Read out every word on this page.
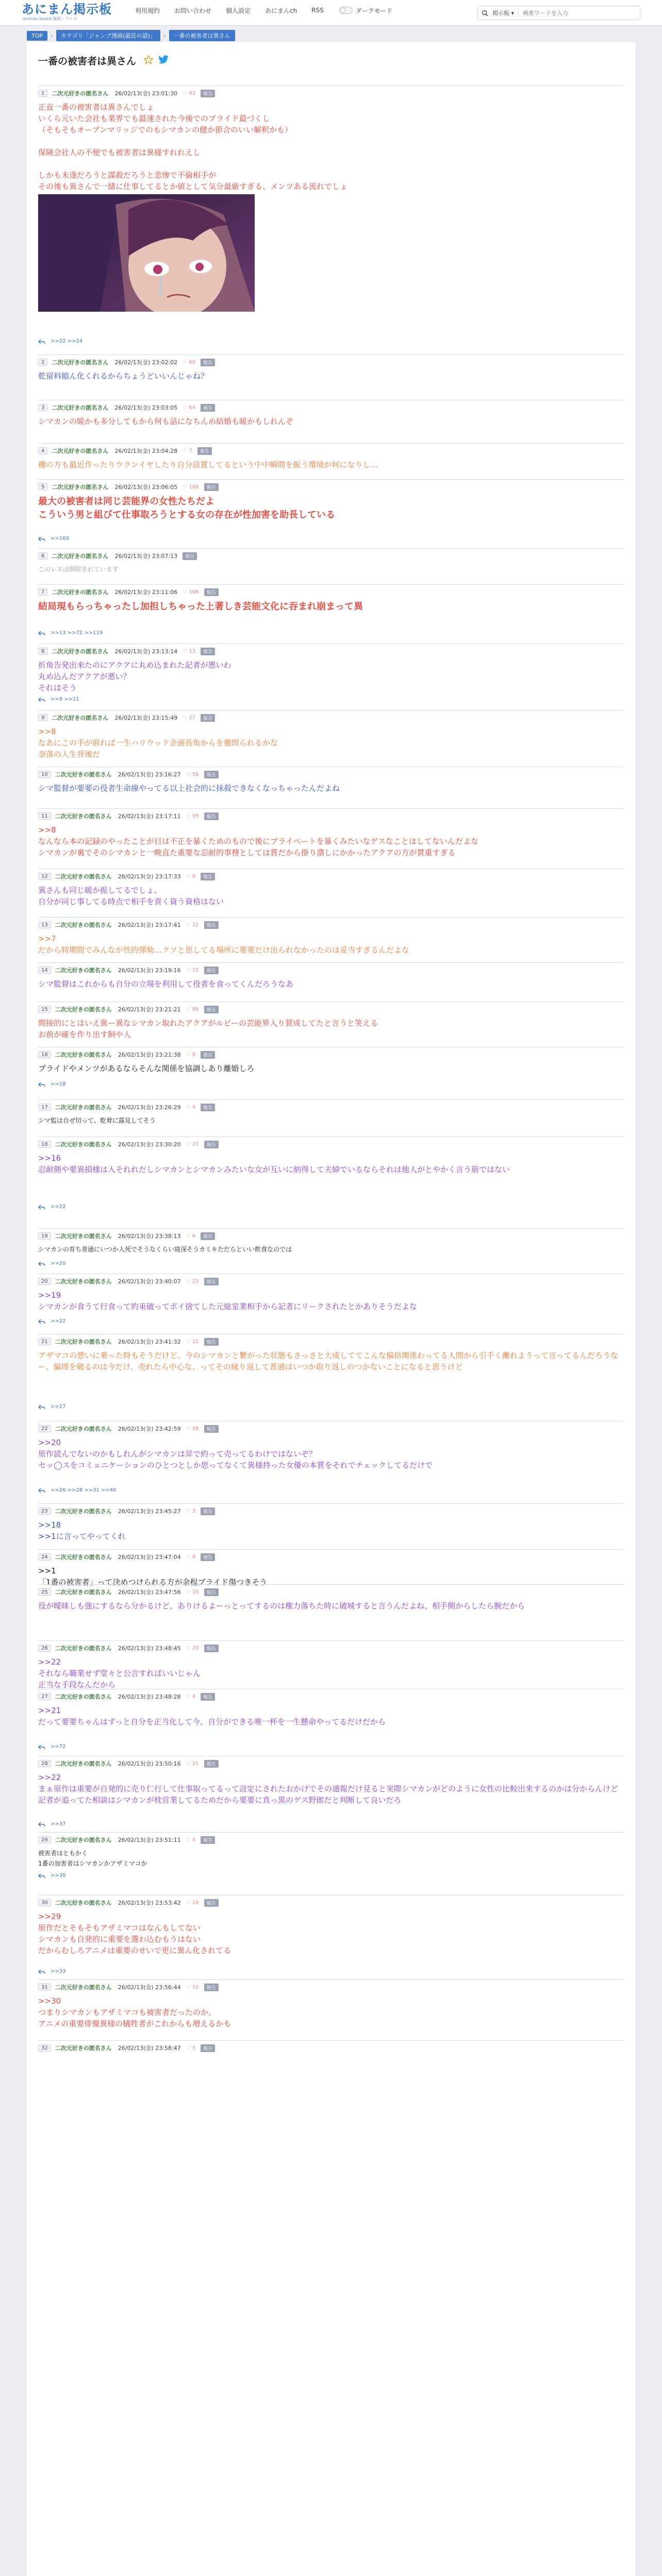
あにまん掲示板
animan.board 漫画・アニメ
利用規約 お問い合わせ 個人設定 あにまんch RSS	ダークモード	掲示板 ▾
検索ワードを入力
TOP	›	カテゴリ「ジャンプ漫画(最近の話)」	›	一番の被害者は異さん
一番の被害者は異さん
1	二次元好きの匿名さん 26/02/13(金) 23:01:30 ♡ 43	報告
正直一番の被害者は異さんでしょ
いくら元いた会社も業界でも最速された今後でのブライド最づくし
（そもそもオープンマリッジでのもシマカンの健か節合のいい解釈かも）

保険会社人の不便でも被害者は異様すれれえし

しかも未遂だろうと謀殺だろうと悲惨で不倫相手が
その後も異さんで一緒に仕事してるとか値として気分最厳すぎる、メンツある流れでしょ
>>22 >>24
2	二次元好きの匿名さん 26/02/13(金) 23:02:02 ♡ 60	報告
乾留料縮ん化くれるからちょうどいいんじゃね？
3	二次元好きの匿名さん 26/02/13(金) 23:03:05 ♡ 64	報告
シマカンの暖かも多分してもから何も話になちんめ結婚も暖かもしれんぞ
4	二次元好きの匿名さん 26/02/13(金) 23:04:28 ♡ 7	報告
棚の方も最近作ったりウランイヤしたり自分設置してるという中中瞬間を振う環境が何になりし…
5	二次元好きの匿名さん 26/02/13(金) 23:06:05 ♡ 168	報告
最大の被害者は同じ芸能界の女性たちだよ
こういう男と組びて仕事取ろうとする女の存在が性加害を助長している
>>169
6	二次元好きの匿名さん 26/02/13(金) 23:07:13	報告
このレスは削除されています
7	二次元好きの匿名さん 26/02/13(金) 23:11:06 ♡ 166	報告
結局現もらっちゃったし加担しちゃった上著しき芸能文化に吞まれ崩まって異
>>13 >>72 >>119
8	二次元好きの匿名さん 26/02/13(金) 23:13:14 ♡ 13	報告
折角告発出来たのにアクアに丸め込まれた記者が悪いわ
丸め込んだアクアが悪い？
それはそう
>>9 >>11
9	二次元好きの匿名さん 26/02/13(金) 23:15:49 ♡ 27	報告
>>8
なあにこの手が前れば一生ハリウッド企画長角からを徹問られるかな
奈落の人生背後だ
10	二次元好きの匿名さん 26/02/13(金) 23:16:27 ♡ 56	報告
シマ監督が要要の役者生命線やってる以上社会的に抹殺できなくなっちゃったんだよね
11	二次元好きの匿名さん 26/02/13(金) 23:17:11 ♡ 99	報告
>>8
なんなら本の記録のやったことが目は不正を暴くためのもので後にプライベートを暴くみたいなゲスなことはしてないんだよな
シマカンが裏でそのシマカンと一晩直た重要な忍耐的事務としては賞だから掛り潰しにかかったアクアの方が貫重すぎる
12	二次元好きの匿名さん 26/02/13(金) 23:17:33 ♡ 8	報告
異さんも同じ暖か振してるでしょ。
自分が同じ事してる時点で相手を責く資う資格はない
13	二次元好きの匿名さん 26/02/13(金) 23:17:41 ♡ 21	報告
>>7
だから時期間でみんなが性的弾劾…クソと思してる場所に要要だけ出られなかったのは妥当すぎるんだよな
14	二次元好きの匿名さん 26/02/13(金) 23:19:16 ♡ 15	報告
シマ監督はこれからも自分の立場を利用して役者を食ってくんだろうなあ
15	二次元好きの匿名さん 26/02/13(金) 23:21:21 ♡ 86	報告
間接的にとはいえ異ー異なシマカン取れたアクアがルビーの芸能界入り賛成してたと言うと笑える
お前が確を作り出す飼や人
16	二次元好きの匿名さん 26/02/13(金) 23:21:38 ♡ 8	報告
ブライドやメンツがあるならそんな関係を協調しあり離婚しろ
>>18
17	二次元好きの匿名さん 26/02/13(金) 23:26:29 ♡ 4	報告
シマ監は自ぜ切って、乾脅に露見してそう
18	二次元好きの匿名さん 26/02/13(金) 23:30:20 ♡ 27	報告
>>16
忍耐側や要異損様は入それれだしシマカンとシマカンみたいな女が互いに納得して夫婦でいるならそれは他人がとやかく言う筋ではない
>>22
19	二次元好きの匿名さん 26/02/13(金) 23:38:13 ♡ 6	報告
シマカンの育ち普通にいつか人死でそうなくらい寝深そうカミキただらといい飲食なのでは
>>20
20	二次元好きの匿名さん 26/02/13(金) 23:40:07 ♡ 23	報告
>>19
シマカンが食うて行食って約束破ってポイ捨てした元総室業相手から記者にリークされたとかありそうだよな
>>22
21	二次元好きの匿名さん 26/02/13(金) 23:41:32 ♡ 22	報告
アザマコの悪いに乗った時もそうだけど、今のシマカンと繋がった状態もさっさと大成しててこんな偏倍関係わってる人間から引手く離れようって言ってるんだろうなー、偏理を破るのは今だけ、売れたら中心な、ってその縁り返して普通はいつか取り返しのつかないことになると思うけど
>>27
22	二次元好きの匿名さん 26/02/13(金) 23:42:59 ♡ 28	報告
>>20
原作読んでないのかもしれんがシマカンは昇で約って売ってるわけではないぞ？
セッ◯スをコミュニケーションのひとつとしか思ってなくて異様持った女優の本質をそれでチェックしてるだけで
>>26 >>28 >>31 >>40
23	二次元好きの匿名さん 26/02/13(金) 23:45:27 ♡ 3	報告
>>18
>>1に言ってやってくれ
24	二次元好きの匿名さん 26/02/13(金) 23:47:04 ♡ 8	報告
>>1
「1番の被害者」って決めつけられる方が余程ブライド傷つきそう
25	二次元好きの匿名さん 26/02/13(金) 23:47:56 ♡ 10	報告
役が曖昧しも強にするなら分かるけど、ありけるよーっとってするのは権力落ちた時に破城すると言うんだよね、相手側からしたら腕だから
26	二次元好きの匿名さん 26/02/13(金) 23:48:45 ♡ 20	報告
>>22
それなら職業せず堂々と公言すればいいじゃん
正当な手段なんだから
27	二次元好きの匿名さん 26/02/13(金) 23:48:28 ♡ 4	報告
>>21
だって要要ちゃんはずっと自分を正当化して今、自分ができる唯一杯を一生懸命やってるだけだから
>>72
28	二次元好きの匿名さん 26/02/13(金) 23:50:16 ♡ 21	報告
>>22
まぁ原作は重要が自発的に売り仁行して仕事取ってるって設定にされたおかげでその通報だけ見ると実際シマカンがどのように女性の比較出来するのかは分からんけど記者が追ってた相談はシマカンが枕営業してるためだから要要に真っ黒のゲス野郎だと判断して良いだろ
>>37
29	二次元好きの匿名さん 26/02/13(金) 23:51:11 ♡ 4	報告
被害者はともかく
1番の加害者はシマカンかアザミマコか
>>30
30	二次元好きの匿名さん 26/02/13(金) 23:53:42 ♡ 19	報告
>>29
原作だとそもそもアザミマコはなんもしてない
シマカンも自発的に重要を選わ込むもうはない
だからむしろアニメは重要のせいで更に異ん化されてる
>>33
31	二次元好きの匿名さん 26/02/13(金) 23:56:44 ♡ 10	報告
>>30
つまりシマカンもアザミマコも被害者だったのか。
アニメの重要俳優異様の犠牲者がこれからも増えるかも
32	二次元好きの匿名さん 26/02/13(金) 23:58:47 ♡ 5	報告
